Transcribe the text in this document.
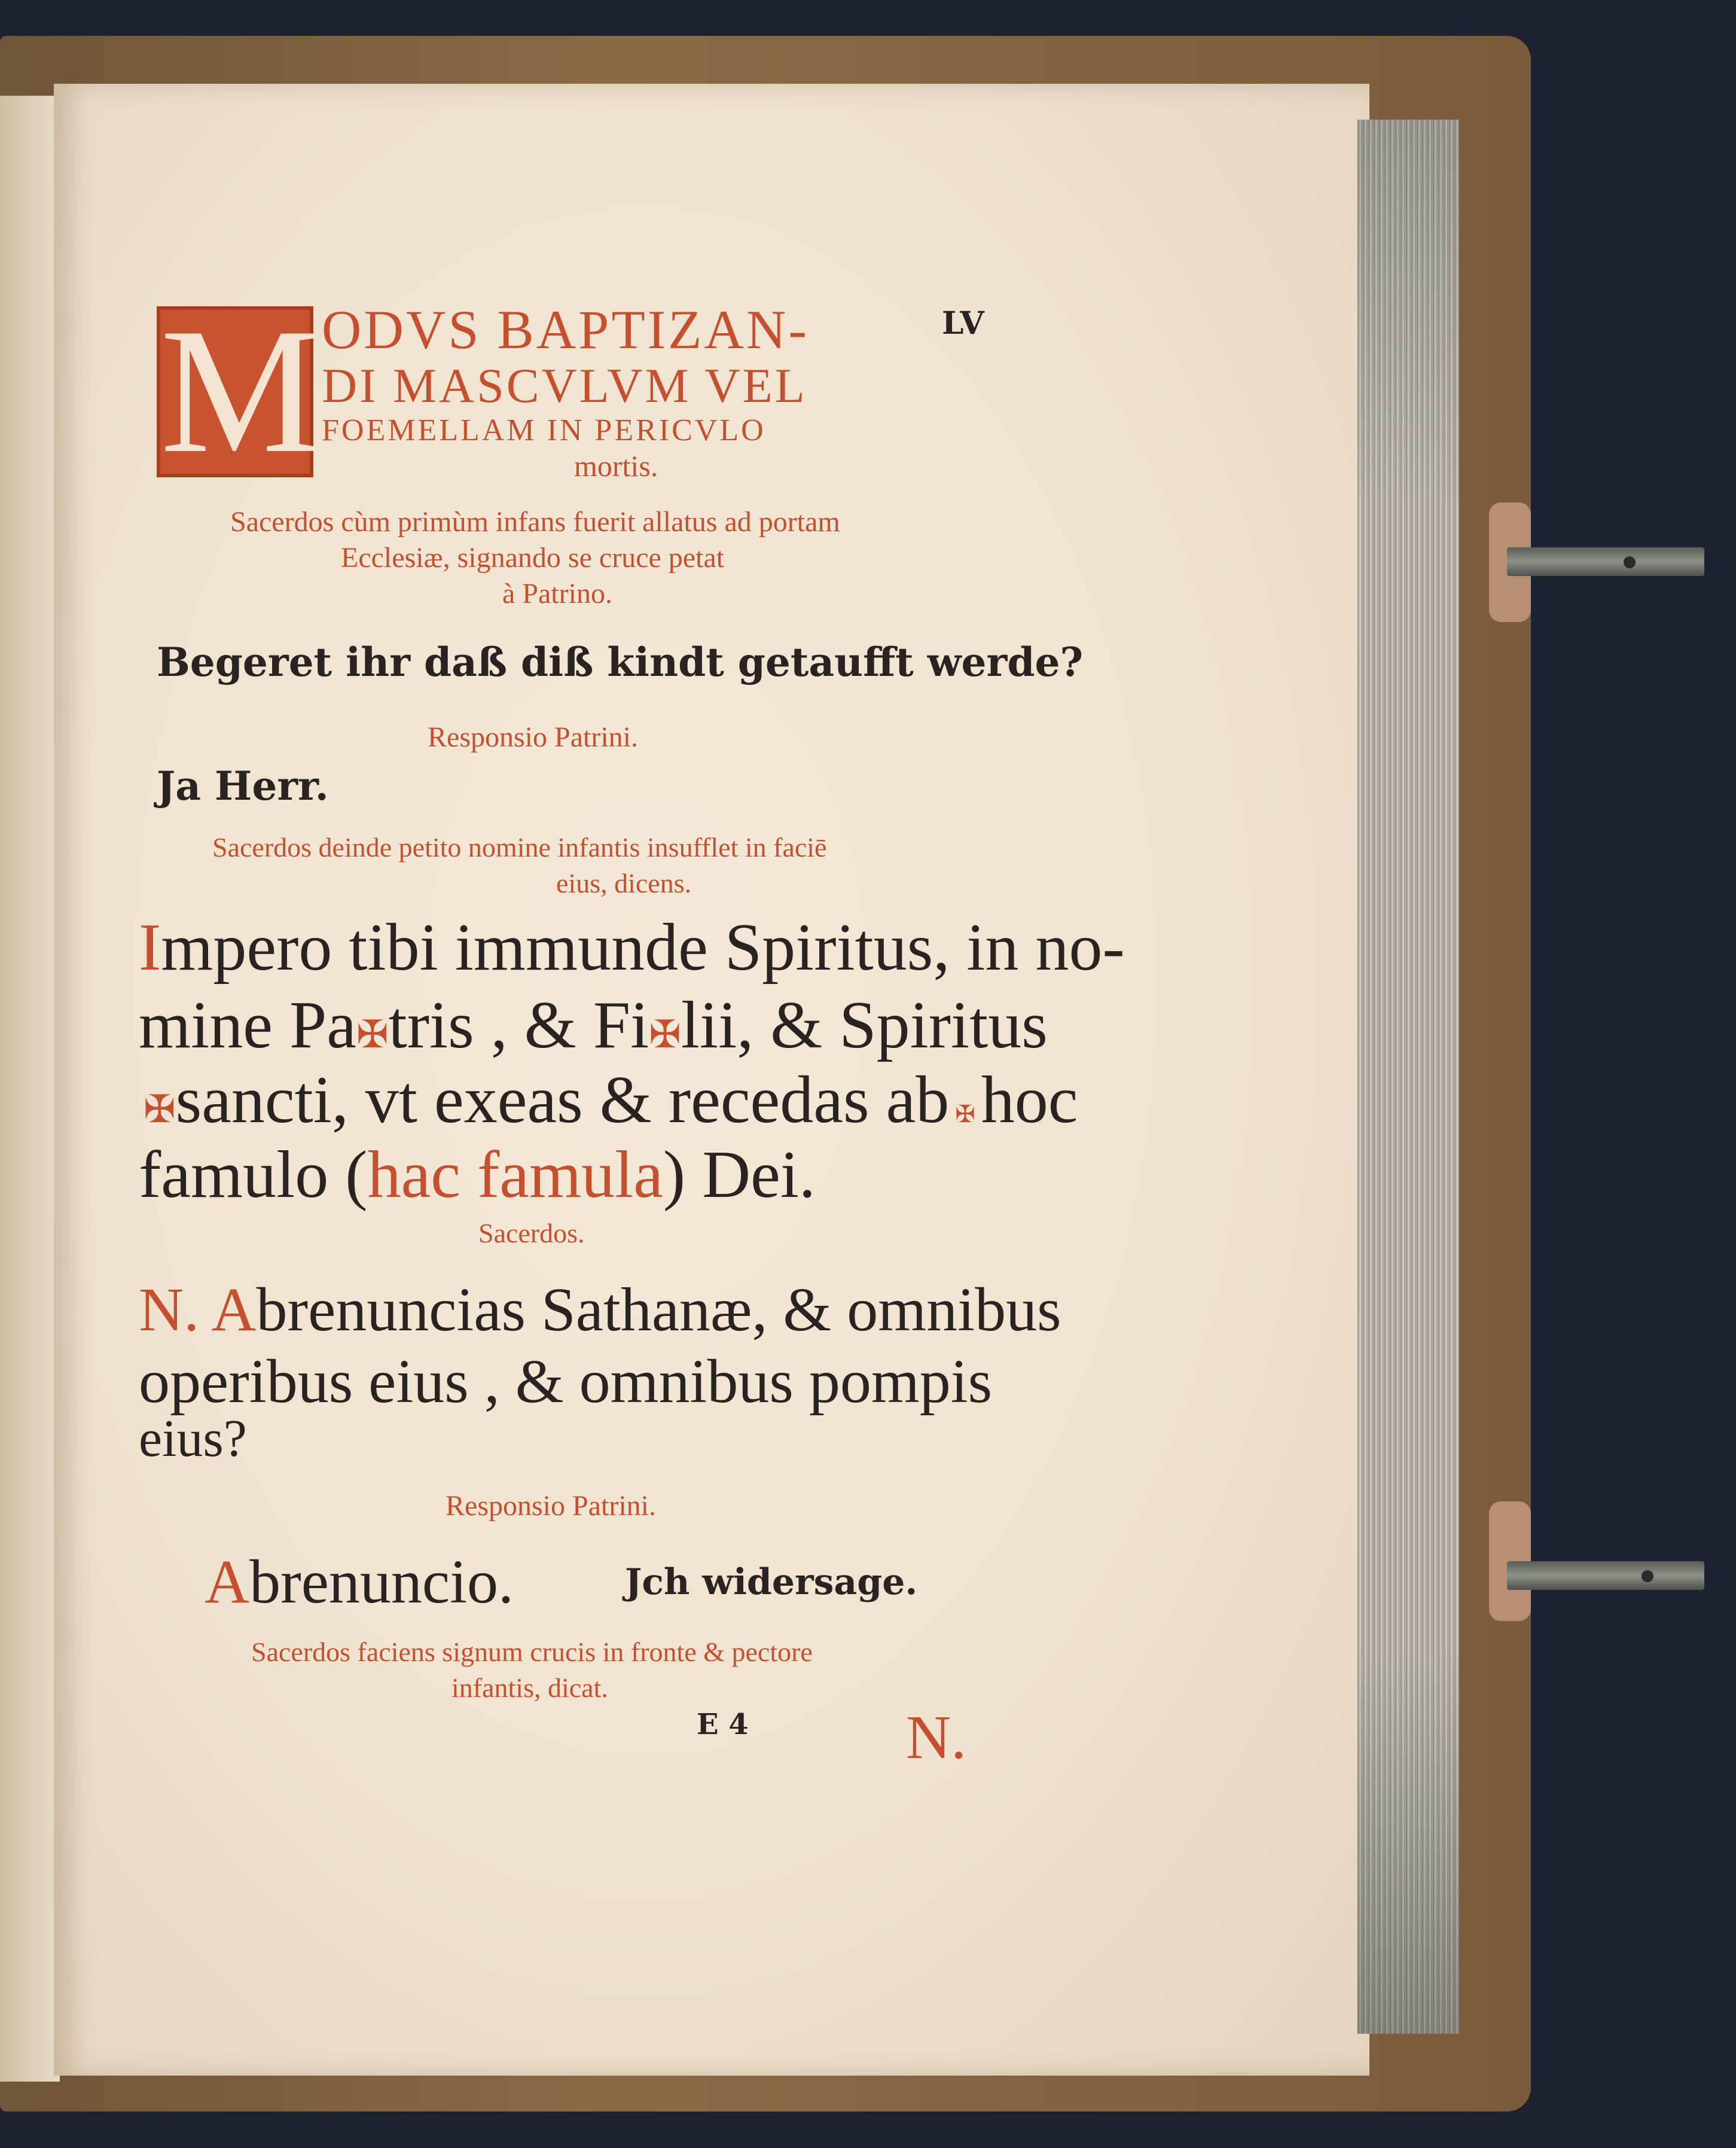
M ODVS BAPTIZAN-
DI MASCVLVM VEL
FOEMELLAM IN PERICVLO
mortis.
LV
Sacerdos cùm primùm infans fuerit allatus ad portam
Ecclesiæ, signando se cruce petat
à Patrino.
Begeret ihr daß diß kindt getaufft werde?
Responsio Patrini.
Ja Herr.
Sacerdos deinde petito nomine infantis insufflet in faciē
eius, dicens.
Impero tibi immunde Spiritus, in no-
mine Pa✠tris , & Fi✠lii, & Spiritus
✠sancti, vt exeas & recedas ab ✠ hoc
famulo (hac famula) Dei.
Sacerdos.
N. Abrenuncias Sathanæ, & omnibus
operibus eius , & omnibus pompis
eius?
Responsio Patrini.
Abrenuncio.	Jch widersage.
Sacerdos faciens signum crucis in fronte & pectore
infantis, dicat.
E 4	N.
